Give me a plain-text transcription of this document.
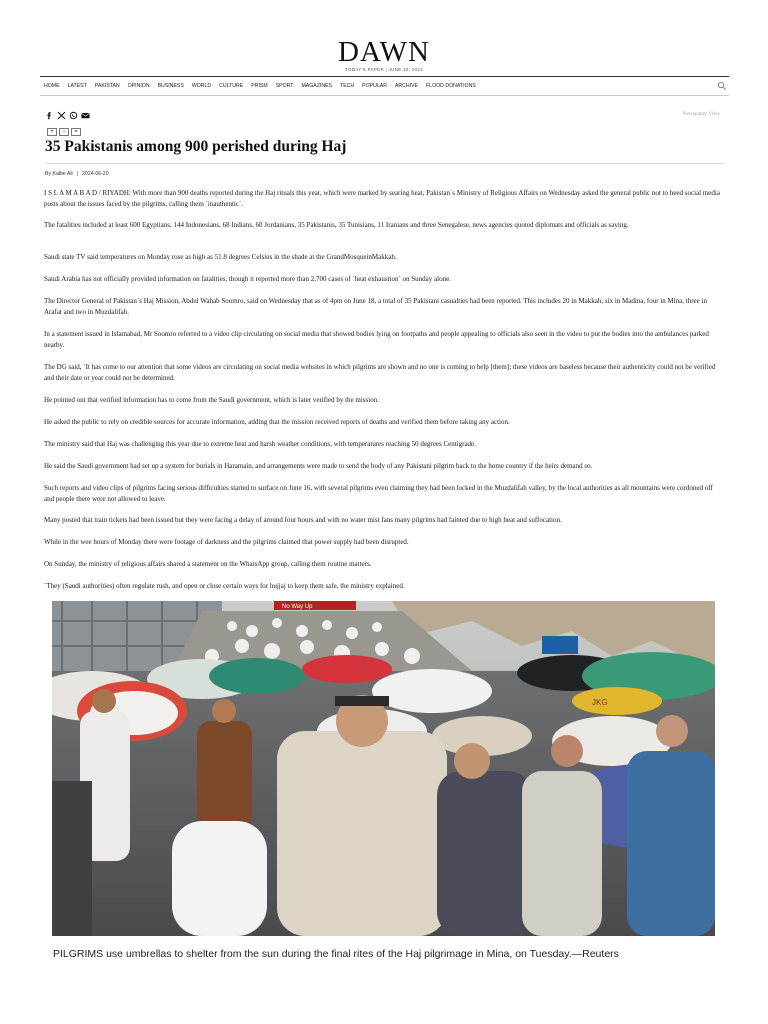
DAWN
TODAY'S PAPER | JUNE 20, 2024
HOME LATEST PAKISTAN OPINION BUSINESS WORLD CULTURE PRISM SPORT MAGAZINES TECH POPULAR ARCHIVE FLOOD DONATIONS
+	−	=
Newspaper View
35 Pakistanis among 900 perished during Haj
By Kalbe Ali | 2024-06-20

I S L A M A B A D / RIYADH: With more than 900 deaths reported during the Haj rituals this year, which were marked by searing heat, Pakistan`s Ministry of Religious Affairs on Wednesday asked the general public not to heed social media posts about the issues faced by the pilgrims, calling them `inauthentic`.

The fatalities included at least 600 Egyptians, 144 Indonesians, 68 Indians, 60 Jordanians, 35 Pakistanis, 35 Tunisians, 11 Iranians and three Senegalese, news agencies quoted diplomats and officials as saying.

Saudi state TV said temperatures on Monday rose as high as 51.8 degrees Celsius in the shade at the GrandMosqueinMakkah.

Saudi Arabia has not officially provided information on fatalities, though it reported more than 2,700 cases of `heat exhaustion` on Sunday alone.

The Director General of Pakistan`s Haj Mission, Abdul Wahab Soomro, said on Wednesday that as of 4pm on June 18, a total of 35 Pakistani casualties had been reported. This includes 20 in Makkah, six in Madina, four in Mina, three in Arafat and two in Muzdalifah.

In a statement issued in Islamabad, Mr Soomro referred to a video clip circulating on social media that showed bodies lying on footpaths and people appealing to officials also seen in the video to put the bodies into the ambulances parked nearby.

The DG said, `It has come to our attention that some videos are circulating on social media websites in which pilgrims are shown and no one is coming to help [them]; these videos are baseless because their authenticity could not be verified and their date or year could not be determined.

He pointed out that verified information has to come from the Saudi government, which is later verified by the mission.

He asked the public to rely on credible sources for accurate information, adding that the mission received reports of deaths and verified them before taking any action.

The ministry said that Haj was challenging this year due to extreme heat and harsh weather conditions, with temperatures reaching 50 degrees Centigrade.

He said the Saudi government had set up a system for burials in Haramain, and arrangements were made to send the body of any Pakistani pilgrim back to the home country if the heirs demand so.

Such reports and video clips of pilgrims facing serious difficulties started to surface on June 16, with several pilgrims even claiming they had been locked in the Muzdalifah valley, by the local authorities as all mountains were cordoned off and people there were not allowed to leave.

Many posted that train tickets had been issued but they were facing a delay of around four hours and with no water mist fans many pilgrims had fainted due to high heat and suffocation.

While in the wee hours of Monday there were footage of darkness and the pilgrims claimed that power supply had been disrupted.

On Sunday, the ministry of religious affairs shared a statement on the WhatsApp group, calling them routine matters.

`They (Saudi authorities) often regulate rush, and open or close certain ways for hujjaj to keep them safe, the ministry explained.

No Way Up
JKG
PILGRIMS use umbrellas to shelter from the sun during the final rites of the Haj pilgrimage in Mina, on Tuesday.—Reuters
